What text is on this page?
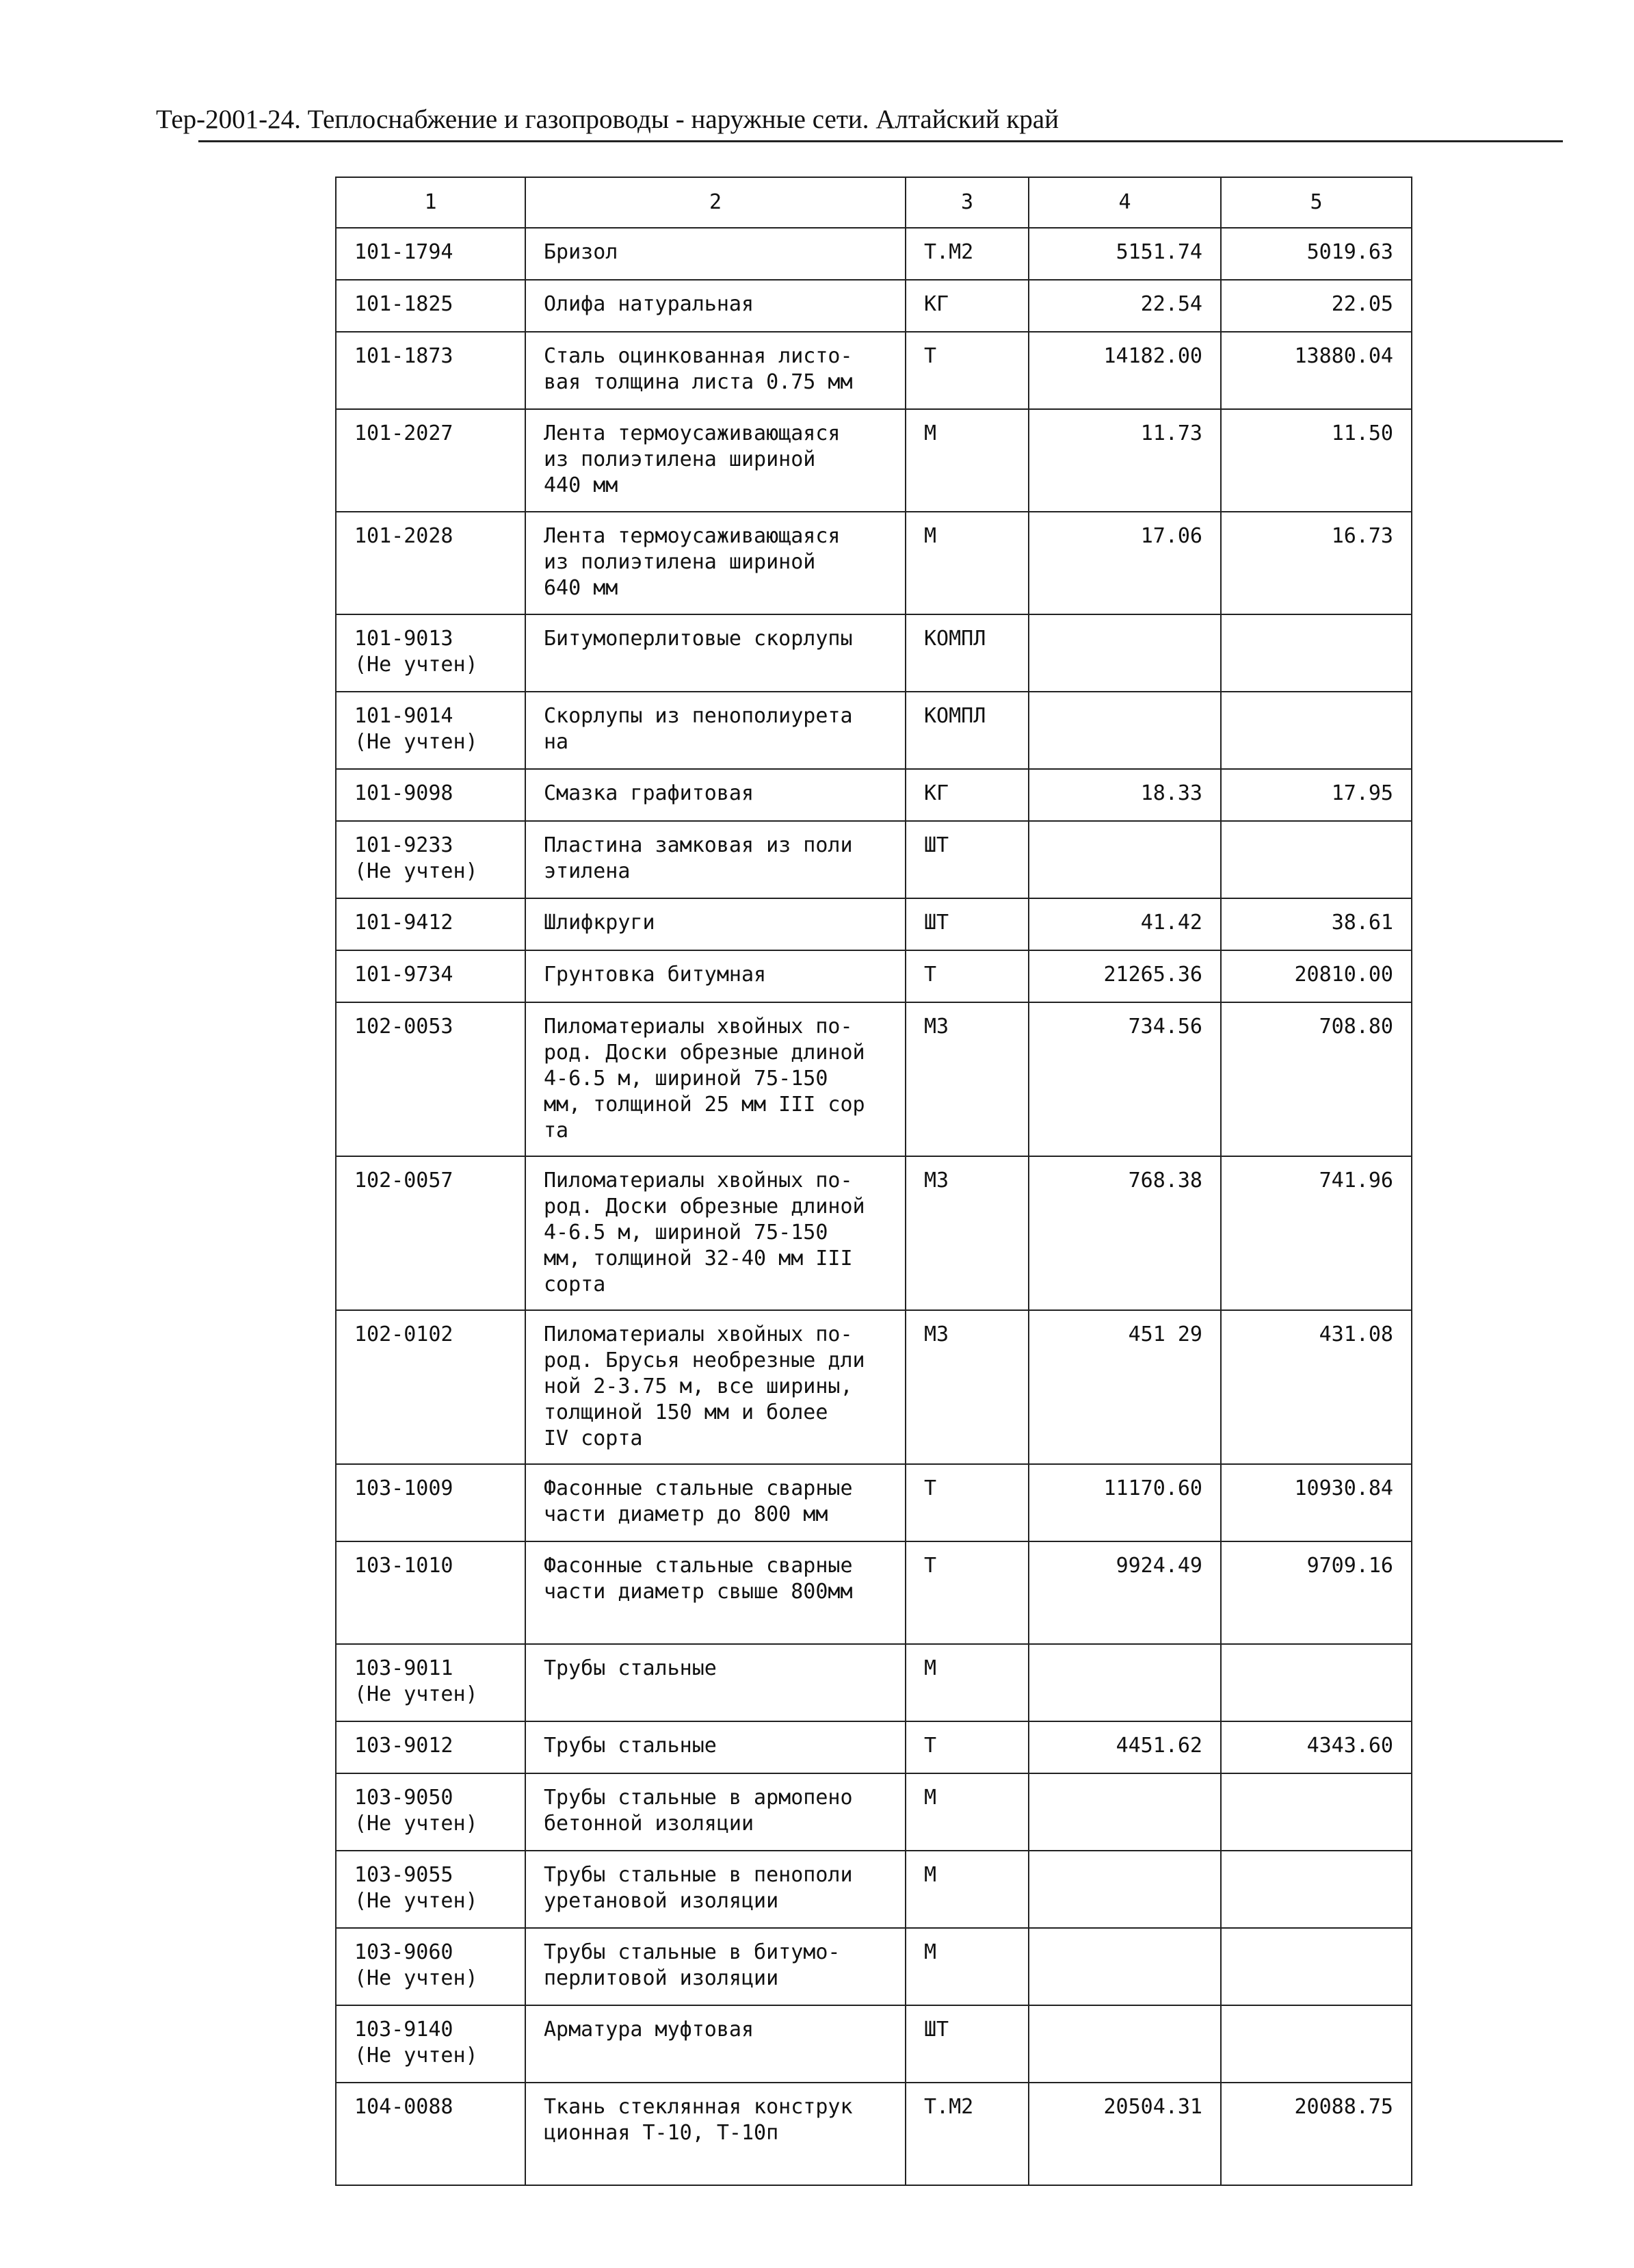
Тер-2001-24. Теплоснабжение и газопроводы - наружные сети. Алтайский край
1	2	3	4	5
101-1794	Бризол	Т.М2	5151.74	5019.63
101-1825	Олифа натуральная	КГ	22.54	22.05
101-1873	Сталь оцинкованная листо-
вая толщина листа 0.75 мм	Т	14182.00	13880.04
101-2027	Лента термоусаживающаяся
из полиэтилена шириной
440 мм	М	11.73	11.50
101-2028	Лента термоусаживающаяся
из полиэтилена шириной
640 мм	М	17.06	16.73
101-9013
(Не учтен)	Битумоперлитовые скорлупы	КОМПЛ		
101-9014
(Не учтен)	Скорлупы из пенополиурета
на	КОМПЛ		
101-9098	Смазка графитовая	КГ	18.33	17.95
101-9233
(Не учтен)	Пластина замковая из поли
этилена	ШТ		
101-9412	Шлифкруги	ШТ	41.42	38.61
101-9734	Грунтовка битумная	Т	21265.36	20810.00
102-0053	Пиломатериалы хвойных по-
род. Доски обрезные длиной
4-6.5 м, шириной 75-150
мм, толщиной 25 мм III сор
та	М3	734.56	708.80
102-0057	Пиломатериалы хвойных по-
род. Доски обрезные длиной
4-6.5 м, шириной 75-150
мм, толщиной 32-40 мм III
сорта	М3	768.38	741.96
102-0102	Пиломатериалы хвойных по-
род. Брусья необрезные дли
ной 2-3.75 м, все ширины,
толщиной 150 мм и более
IV сорта	М3	451 29	431.08
103-1009	Фасонные стальные сварные
части диаметр до 800 мм	Т	11170.60	10930.84
103-1010	Фасонные стальные сварные
части диаметр свыше 800мм	Т	9924.49	9709.16
103-9011
(Не учтен)	Трубы стальные	М		
103-9012	Трубы стальные	Т	4451.62	4343.60
103-9050
(Не учтен)	Трубы стальные в армопено
бетонной изоляции	М		
103-9055
(Не учтен)	Трубы стальные в пенополи
уретановой изоляции	М		
103-9060
(Не учтен)	Трубы стальные в битумо-
перлитовой изоляции	М		
103-9140
(Не учтен)	Арматура муфтовая	ШТ		
104-0088	Ткань стеклянная конструк
ционная Т-10, Т-10п	Т.М2	20504.31	20088.75
